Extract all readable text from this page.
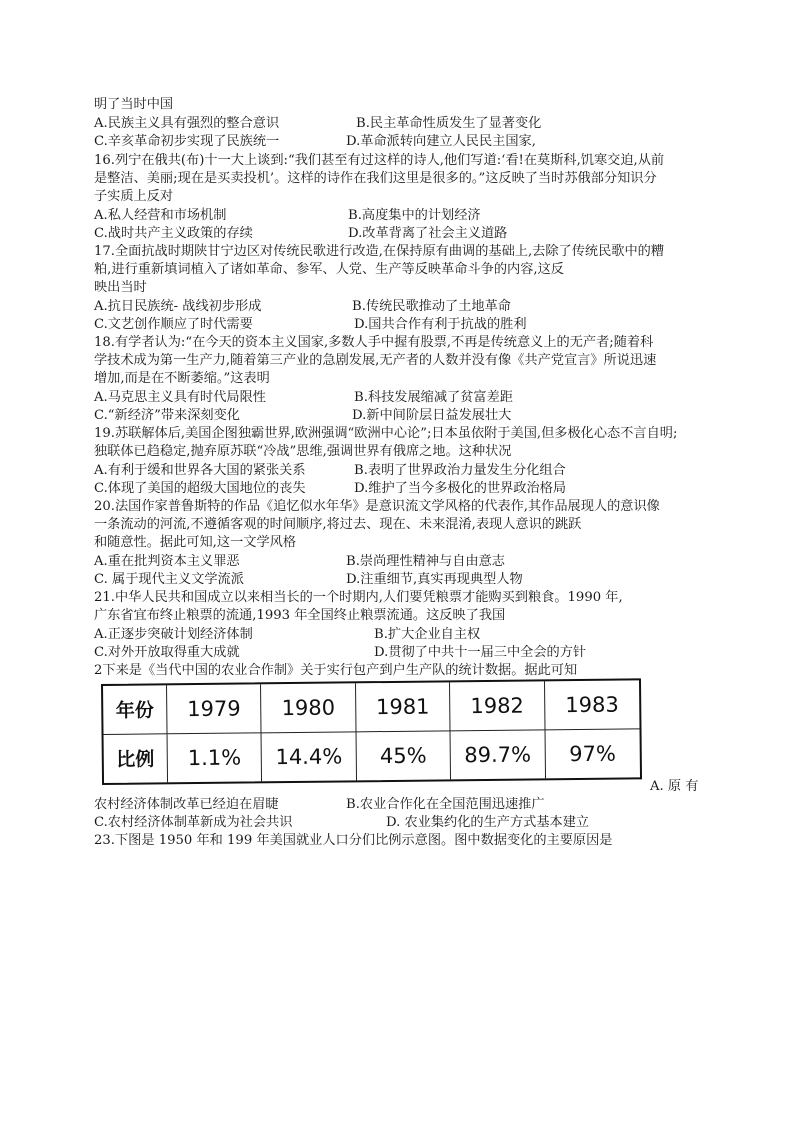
明了当时中国
A.民族主义具有强烈的整合意识	B.民主革命性质发生了显著变化
C.辛亥革命初步实现了民族统一	D.革命派转向建立人民民主国家,
16.列宁在俄共(布)十一大上谈到:“我们甚至有过这样的诗人,他们写道:‘看!在莫斯科,饥寒交迫,从前
是整洁、美丽;现在是买卖投机’。这样的诗作在我们这里是很多的。”这反映了当时苏俄部分知识分
子实质上反对
A.私人经营和市场机制	B.高度集中的计划经济
C.战时共产主义政策的存续	D.改革背离了社会主义道路
17.全面抗战时期陕甘宁边区对传统民歌进行改造,在保持原有曲调的基础上,去除了传统民歌中的糟
粕,进行重新填词植入了诸如革命、参军、人党、生产等反映革命斗争的内容,这反
映出当时
A.抗日民族统- 战线初步形成	B.传统民歌推动了土地革命
C.文艺创作顺应了时代需要	D.国共合作有利于抗战的胜利
18.有学者认为:“在今天的资本主义国家,多数人手中握有股票,不再是传统意义上的无产者;随着科
学技术成为第一生产力,随着第三产业的急剧发展,无产者的人数并没有像《共产党宣言》所说迅速
增加,而是在不断萎缩。”这表明
A.马克思主义具有时代局限性	B.科技发展缩减了贫富差距
C.“新经济”带来深刻变化	D.新中间阶层日益发展壮大
19.苏联解体后,美国企图独霸世界,欧洲强调“欧洲中心论”;日本虽依附于美国,但多极化心态不言自明;
独联体已趋稳定,抛弃原苏联“冷战”思维,强调世界有俄席之地。这种状况
A.有利于缓和世界各大国的紧张关系	B.表明了世界政治力量发生分化组合
C.体现了美国的超级大国地位的丧失	D.维护了当今多极化的世界政治格局
20.法国作家普鲁斯特的作品《追忆似水年华》是意识流文学风格的代表作,其作品展现人的意识像
一条流动的河流,不遵循客观的时间顺序,将过去、现在、未来混淆,表现人意识的跳跃
和随意性。据此可知,这一文学风格
A.重在批判资本主义罪恶	B.崇尚理性精神与自由意志
C. 属于现代主义文学流派	D.注重细节,真实再现典型人物
21.中华人民共和国成立以来相当长的一个时期内,人们要凭粮票才能购买到粮食。1990 年,
广东省宜布终止粮票的流通,1993 年全国终止粮票流通。这反映了我国
A.正逐步突破计划经济体制	B.扩大企业自主权
C.对外开放取得重大成就	D.贯彻了中共十一届三中全会的方针
2下来是《当代中国的农业合作制》关于实行包产到户生产队的统计数据。据此可知
年份	1979	1980	1981	1982	1983
比例	1.1%	14.4%	45%	89.7%	97%
A. 原 有
农村经济体制改革已经迫在眉睫	B.农业合作化在全国范围迅速推广
C.农村经济体制革新成为社会共识	D. 农业集约化的生产方式基本建立
23.下图是 1950 年和 199 年美国就业人口分们比例示意图。图中数据变化的主要原因是
